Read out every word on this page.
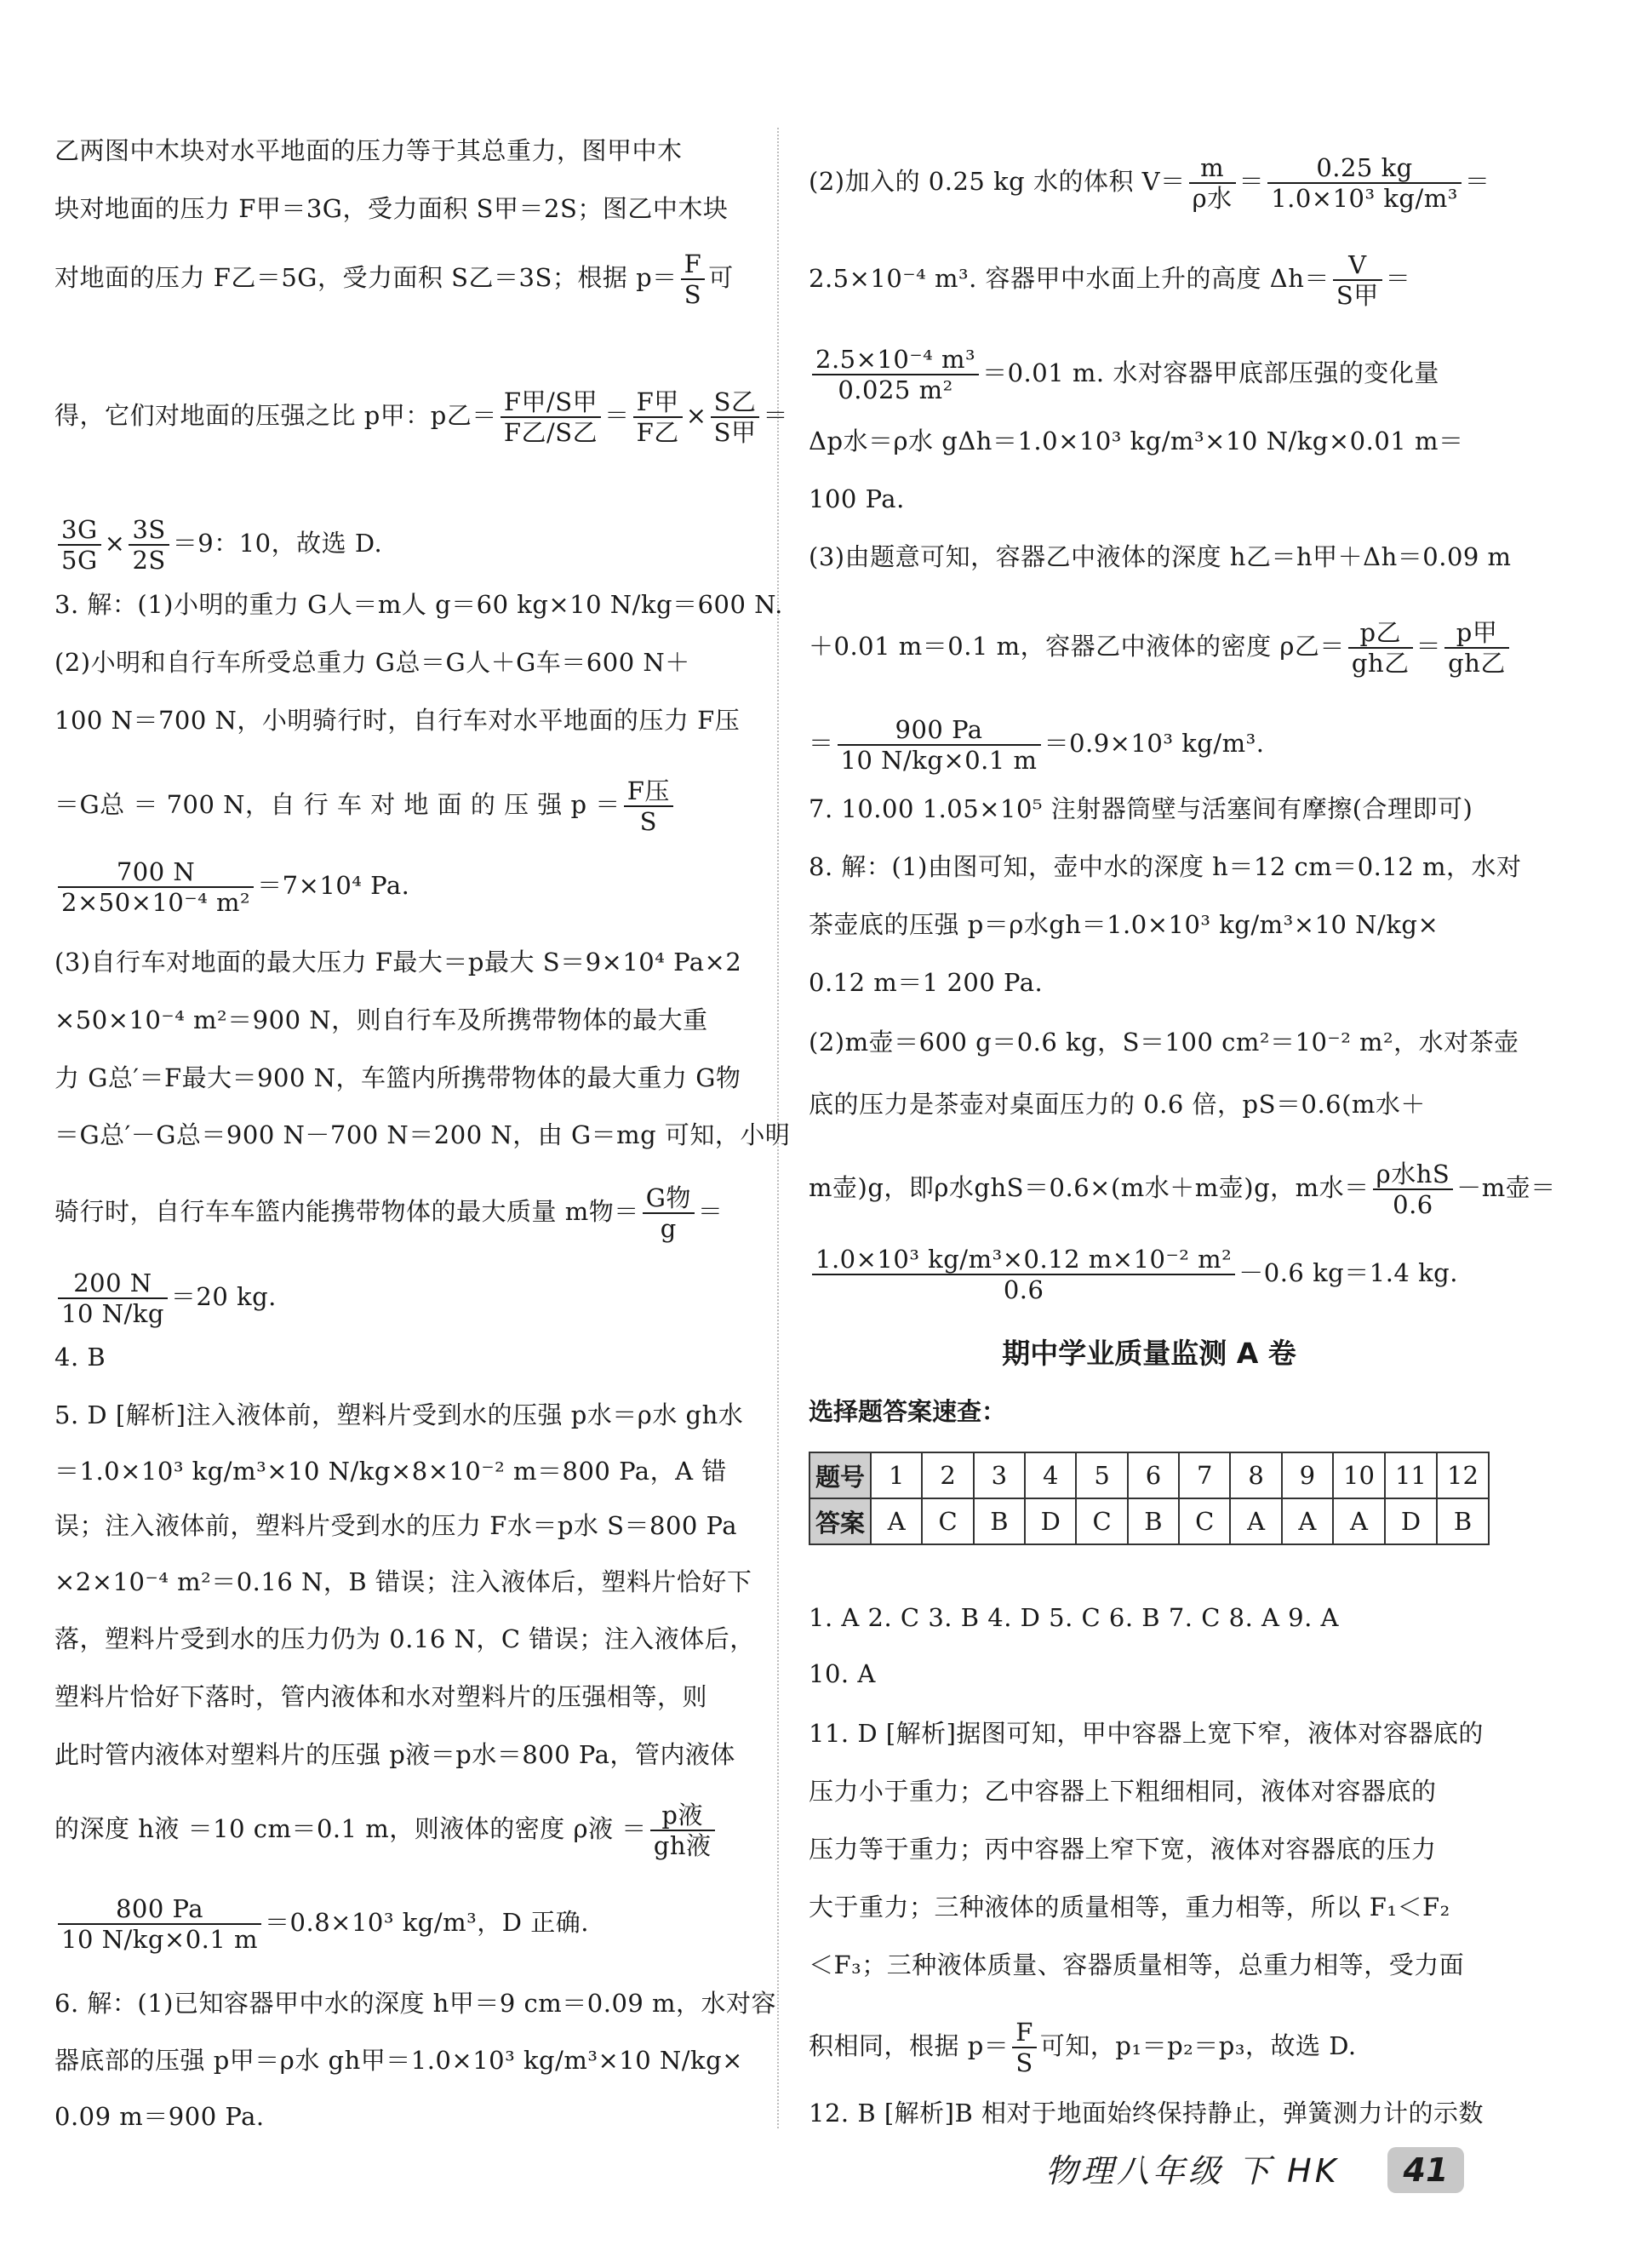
乙两图中木块对水平地面的压力等于其总重力，图甲中木
块对地面的压力 F甲＝3G，受力面积 S甲＝2S；图乙中木块
对地面的压力 F乙＝5G，受力面积 S乙＝3S；根据 $p= \frac{F}{S}$ 可
得，它们对地面的压强之比 p甲：p乙＝ $\frac{\text{F甲/S甲}}{\text{F乙/S乙}} = \frac{\text{F甲}}{\text{F乙}} \times \frac{\text{S乙}}{\text{S甲}}$ ＝
$\frac{3G}{5G} \times \frac{3S}{2S} =9$：10，故选 D.
3. 解：(1)小明的重力 G人＝m人 g＝60 kg×10 N/kg＝600 N.
(2)小明和自行车所受总重力 G总＝G人＋G车＝600 N＋
100 N＝700 N，小明骑行时，自行车对水平地面的压力 F压
＝G总 ＝ 700 N，自 行 车 对 地 面 的 压 强 $p = \frac{\text{F压}}{S}$
$\frac{700 N}{\text{2×50×10⁻⁴ m²}} =7\times 10^4$ Pa.
(3)自行车对地面的最大压力 F最大＝p最大 S＝9×10⁴ Pa×2
×50×10⁻⁴ m²＝900 N，则自行车及所携带物体的最大重
力 G总′＝F最大＝900 N，车篮内所携带物体的最大重力 G物
＝G总′－G总＝900 N－700 N＝200 N，由 G＝mg 可知，小明
骑行时，自行车车篮内能携带物体的最大质量 m物＝ $\frac{\text{G物}}{g}$ ＝
$\frac{200 N}{10 N/kg} =20$ kg.
4. B
5. D [解析]注入液体前，塑料片受到水的压强 p水＝ρ水 gh水
＝1.0×10³ kg/m³×10 N/kg×8×10⁻² m＝800 Pa，A 错
误；注入液体前，塑料片受到水的压力 F水＝p水 S＝800 Pa
×2×10⁻⁴ m²＝0.16 N，B 错误；注入液体后，塑料片恰好下
落，塑料片受到水的压力仍为 0.16 N，C 错误；注入液体后，
塑料片恰好下落时，管内液体和水对塑料片的压强相等，则
此时管内液体对塑料片的压强 p液＝p水＝800 Pa，管内液体
的深度 h液 ＝10 cm＝0.1 m，则液体的密度 ρ液 ＝ $\frac{\text{p液}}{\text{gh液}}$
$\frac{800 Pa}{10 N/kg\times 0.1 m} =0.8\times 10^3$ kg/m³，D 正确.
6. 解：(1)已知容器甲中水的深度 h甲＝9 cm＝0.09 m，水对容
器底部的压强 p甲＝ρ水 gh甲＝1.0×10³ kg/m³×10 N/kg×
0.09 m＝900 Pa.
(2)加入的 0.25 kg 水的体积 $V= \frac{m}{\text{ρ水}} = \frac{0.25 kg}{\text{1.0×10³ kg/m³}}$ ＝
2.5×10⁻⁴ m³. 容器甲中水面上升的高度 $\Delta h= \frac{V}{\text{S甲}}$ ＝
$\frac{\text{2.5×10⁻⁴ m³}}{\text{0.025 m²}} =0.01$ m. 水对容器甲底部压强的变化量
Δp水＝ρ水 gΔh＝1.0×10³ kg/m³×10 N/kg×0.01 m＝
100 Pa.
(3)由题意可知，容器乙中液体的深度 h乙＝h甲＋Δh＝0.09 m
＋0.01 m＝0.1 m，容器乙中液体的密度 ρ乙＝ $\frac{\text{p乙}}{\text{gh乙}} = \frac{\text{p甲}}{\text{gh乙}}$
＝ $\frac{900 Pa}{10 N/kg\times 0.1 m} =0.9\times 10^3$ kg/m³.
7. 10.00 1.05×10⁵ 注射器筒壁与活塞间有摩擦(合理即可)
8. 解：(1)由图可知，壶中水的深度 h＝12 cm＝0.12 m，水对
茶壶底的压强 p＝ρ水gh＝1.0×10³ kg/m³×10 N/kg×
0.12 m＝1 200 Pa.
(2)m壶＝600 g＝0.6 kg，S＝100 cm²＝10⁻² m²，水对茶壶
底的压力是茶壶对桌面压力的 0.6 倍，pS＝0.6(m水＋
m壶)g，即ρ水ghS＝0.6×(m水＋m壶)g，m水＝ $\frac{\text{ρ水hS}}{0.6} -m$壶＝
$\frac{\text{1.0×10³ kg/m³×0.12 m×10⁻² m²}}{0.6} -0.6$ kg＝1.4 kg.
期中学业质量监测 A 卷
选择题答案速查：
题号	1	2	3	4	5	6	7	8	9	10	11	12
答案	A	C	B	D	C	B	C	A	A	A	D	B
1. A 2. C 3. B 4. D 5. C 6. B 7. C 8. A 9. A
10. A
11. D [解析]据图可知，甲中容器上宽下窄，液体对容器底的
压力小于重力；乙中容器上下粗细相同，液体对容器底的
压力等于重力；丙中容器上窄下宽，液体对容器底的压力
大于重力；三种液体的质量相等，重力相等，所以 F₁＜F₂
＜F₃；三种液体质量、容器质量相等，总重力相等，受力面
积相同，根据 $p= \frac{F}{S}$ 可知，p₁＝p₂＝p₃，故选 D.
12. B [解析]B 相对于地面始终保持静止，弹簧测力计的示数
物理八年级 下 HK	41
